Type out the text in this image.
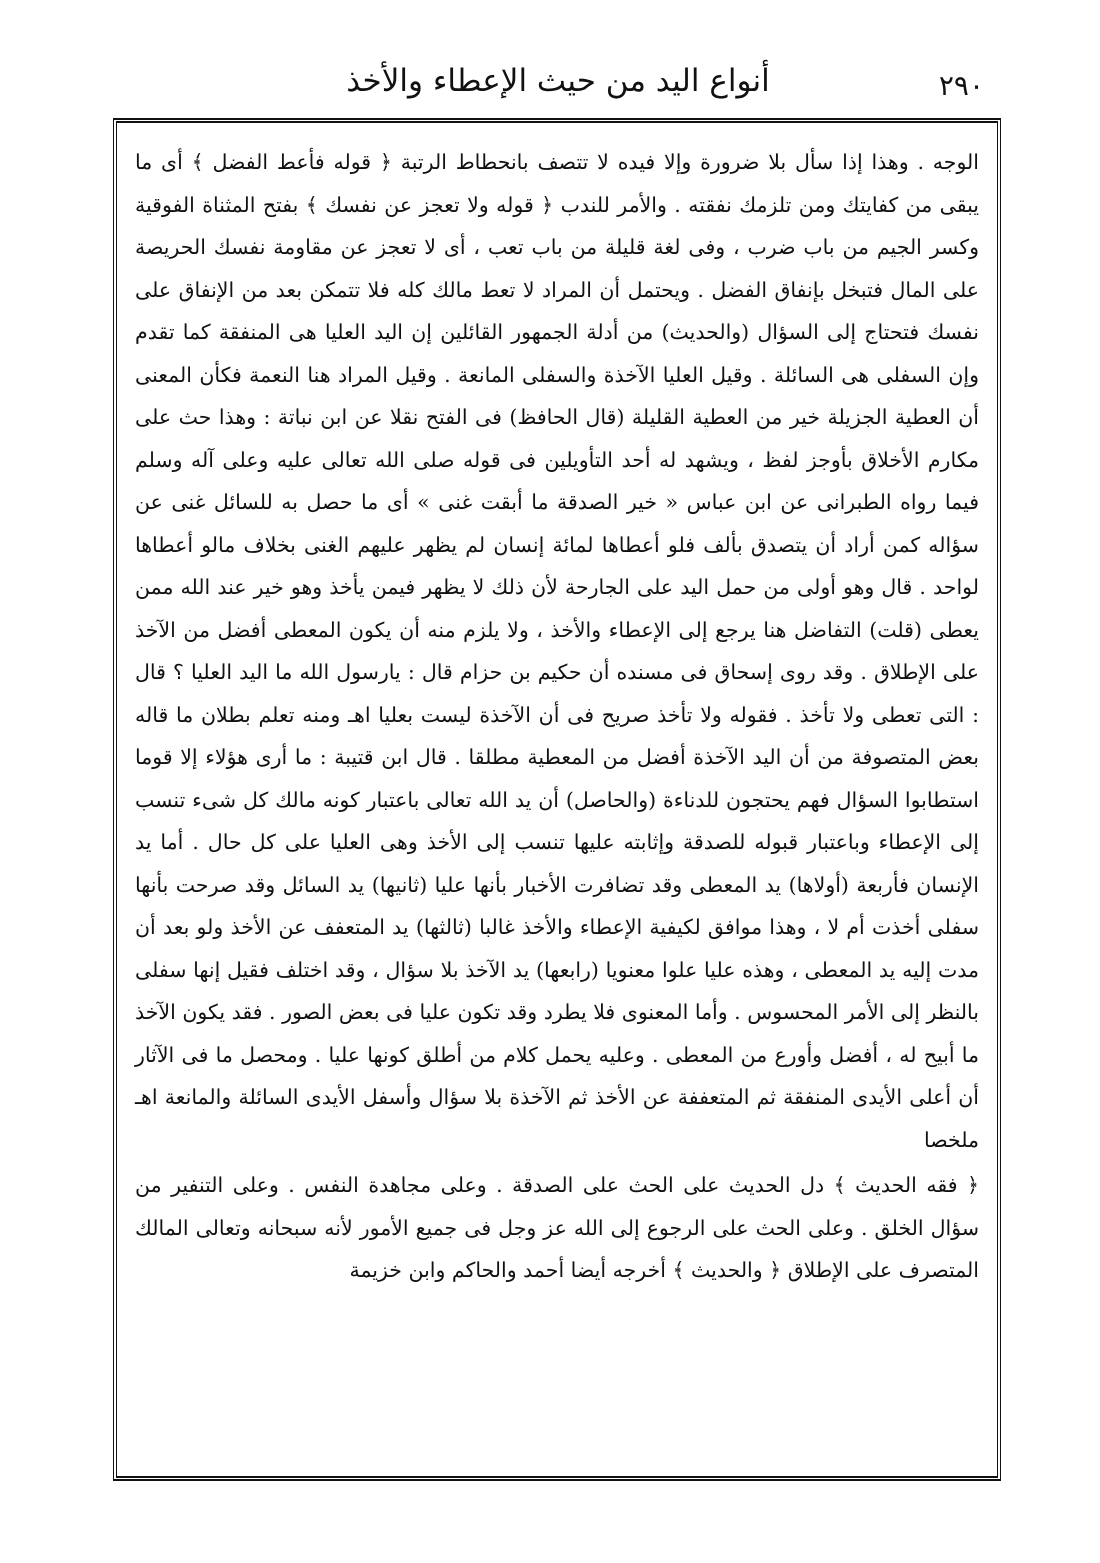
٢٩٠
أنواع اليد من حيث الإعطاء والأخذ

الوجه . وهذا إذا سأل بلا ضرورة وإلا فيده لا تتصف بانحطاط الرتبة ﴿ قوله فأعط الفضل ﴾ أى ما يبقى من كفايتك ومن تلزمك نفقته . والأمر للندب ﴿ قوله ولا تعجز عن نفسك ﴾ بفتح المثناة الفوقية وكسر الجيم من باب ضرب ، وفى لغة قليلة من باب تعب ، أى لا تعجز عن مقاومة نفسك الحريصة على المال فتبخل بإنفاق الفضل . ويحتمل أن المراد لا تعط مالك كله فلا تتمكن بعد من الإنفاق على نفسك فتحتاج إلى السؤال (والحديث) من أدلة الجمهور القائلين إن اليد العليا هى المنفقة كما تقدم وإن السفلى هى السائلة . وقيل العليا الآخذة والسفلى المانعة . وقيل المراد هنا النعمة فكأن المعنى أن العطية الجزيلة خير من العطية القليلة (قال الحافظ) فى الفتح نقلا عن ابن نباتة : وهذا حث على مكارم الأخلاق بأوجز لفظ ، ويشهد له أحد التأويلين فى قوله صلى الله تعالى عليه وعلى آله وسلم فيما رواه الطبرانى عن ابن عباس « خير الصدقة ما أبقت غنى » أى ما حصل به للسائل غنى عن سؤاله كمن أراد أن يتصدق بألف فلو أعطاها لمائة إنسان لم يظهر عليهم الغنى بخلاف مالو أعطاها لواحد . قال وهو أولى من حمل اليد على الجارحة لأن ذلك لا يظهر فيمن يأخذ وهو خير عند الله ممن يعطى (قلت) التفاضل هنا يرجع إلى الإعطاء والأخذ ، ولا يلزم منه أن يكون المعطى أفضل من الآخذ على الإطلاق . وقد روى إسحاق فى مسنده أن حكيم بن حزام قال : يارسول الله ما اليد العليا ؟ قال : التى تعطى ولا تأخذ . فقوله ولا تأخذ صريح فى أن الآخذة ليست بعليا اهـ ومنه تعلم بطلان ما قاله بعض المتصوفة من أن اليد الآخذة أفضل من المعطية مطلقا . قال ابن قتيبة : ما أرى هؤلاء إلا قوما استطابوا السؤال فهم يحتجون للدناءة (والحاصل) أن يد الله تعالى باعتبار كونه مالك كل شىء تنسب إلى الإعطاء وباعتبار قبوله للصدقة وإثابته عليها تنسب إلى الأخذ وهى العليا على كل حال . أما يد الإنسان فأربعة (أولاها) يد المعطى وقد تضافرت الأخبار بأنها عليا (ثانيها) يد السائل وقد صرحت بأنها سفلى أخذت أم لا ، وهذا موافق لكيفية الإعطاء والأخذ غالبا (ثالثها) يد المتعفف عن الأخذ ولو بعد أن مدت إليه يد المعطى ، وهذه عليا علوا معنويا (رابعها) يد الآخذ بلا سؤال ، وقد اختلف فقيل إنها سفلى بالنظر إلى الأمر المحسوس . وأما المعنوى فلا يطرد وقد تكون عليا فى بعض الصور . فقد يكون الآخذ ما أبيح له ، أفضل وأورع من المعطى . وعليه يحمل كلام من أطلق كونها عليا . ومحصل ما فى الآثار أن أعلى الأيدى المنفقة ثم المتعففة عن الأخذ ثم الآخذة بلا سؤال وأسفل الأيدى السائلة والمانعة اهـ ملخصا

﴿ فقه الحديث ﴾ دل الحديث على الحث على الصدقة . وعلى مجاهدة النفس . وعلى التنفير من سؤال الخلق . وعلى الحث على الرجوع إلى الله عز وجل فى جميع الأمور لأنه سبحانه وتعالى المالك المتصرف على الإطلاق ﴿ والحديث ﴾ أخرجه أيضا أحمد والحاكم وابن خزيمة
